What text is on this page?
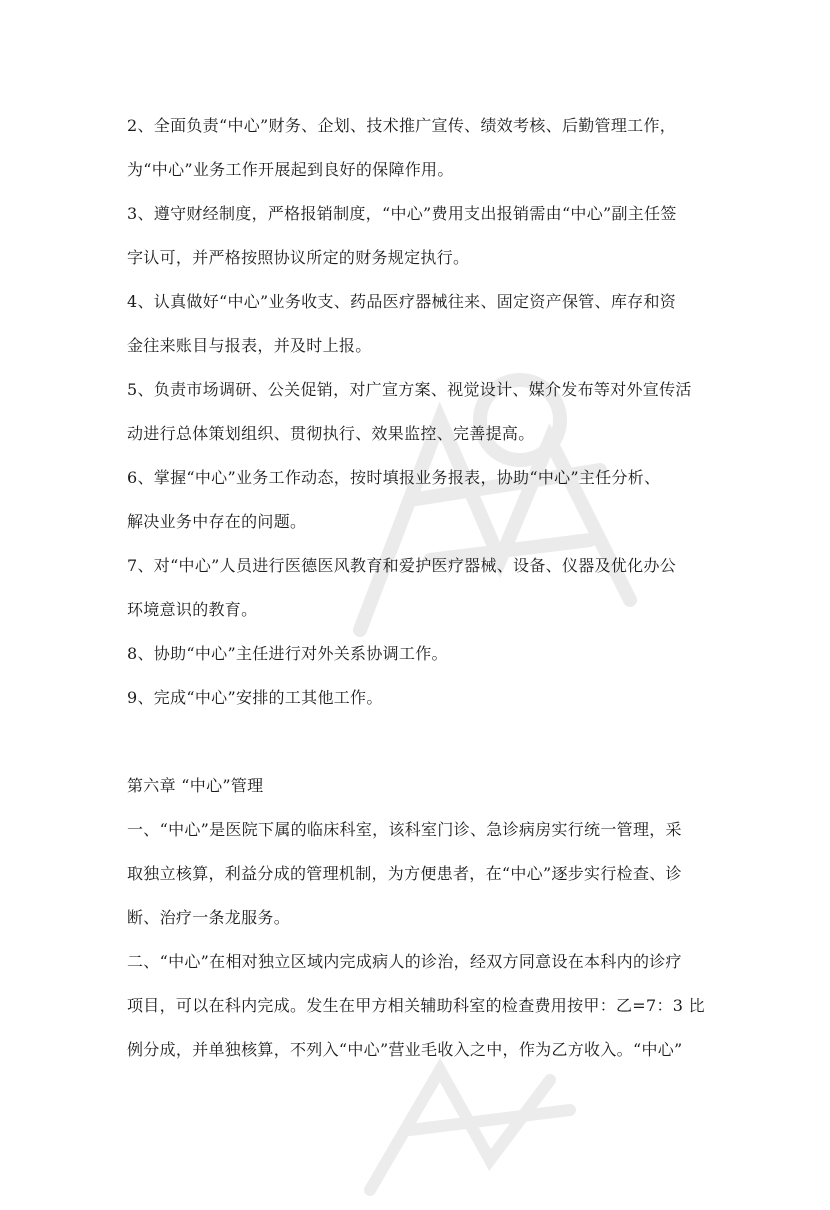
2、全面负责“中心”财务、企划、技术推广宣传、绩效考核、后勤管理工作，
为“中心”业务工作开展起到良好的保障作用。
3、遵守财经制度，严格报销制度，“中心”费用支出报销需由“中心”副主任签
字认可，并严格按照协议所定的财务规定执行。
4、认真做好“中心”业务收支、药品医疗器械往来、固定资产保管、库存和资
金往来账目与报表，并及时上报。
5、负责市场调研、公关促销，对广宣方案、视觉设计、媒介发布等对外宣传活
动进行总体策划组织、贯彻执行、效果监控、完善提高。
6、掌握“中心”业务工作动态，按时填报业务报表，协助“中心”主任分析、
解决业务中存在的问题。
7、对“中心”人员进行医德医风教育和爱护医疗器械、设备、仪器及优化办公
环境意识的教育。
8、协助“中心”主任进行对外关系协调工作。
9、完成“中心”安排的工其他工作。
第六章 “中心”管理
一、“中心”是医院下属的临床科室，该科室门诊、急诊病房实行统一管理，采
取独立核算，利益分成的管理机制，为方便患者，在“中心”逐步实行检查、诊
断、治疗一条龙服务。
二、“中心”在相对独立区域内完成病人的诊治，经双方同意设在本科内的诊疗
项目，可以在科内完成。发生在甲方相关辅助科室的检查费用按甲：乙=7：3 比
例分成，并单独核算，不列入“中心”营业毛收入之中，作为乙方收入。“中心”
